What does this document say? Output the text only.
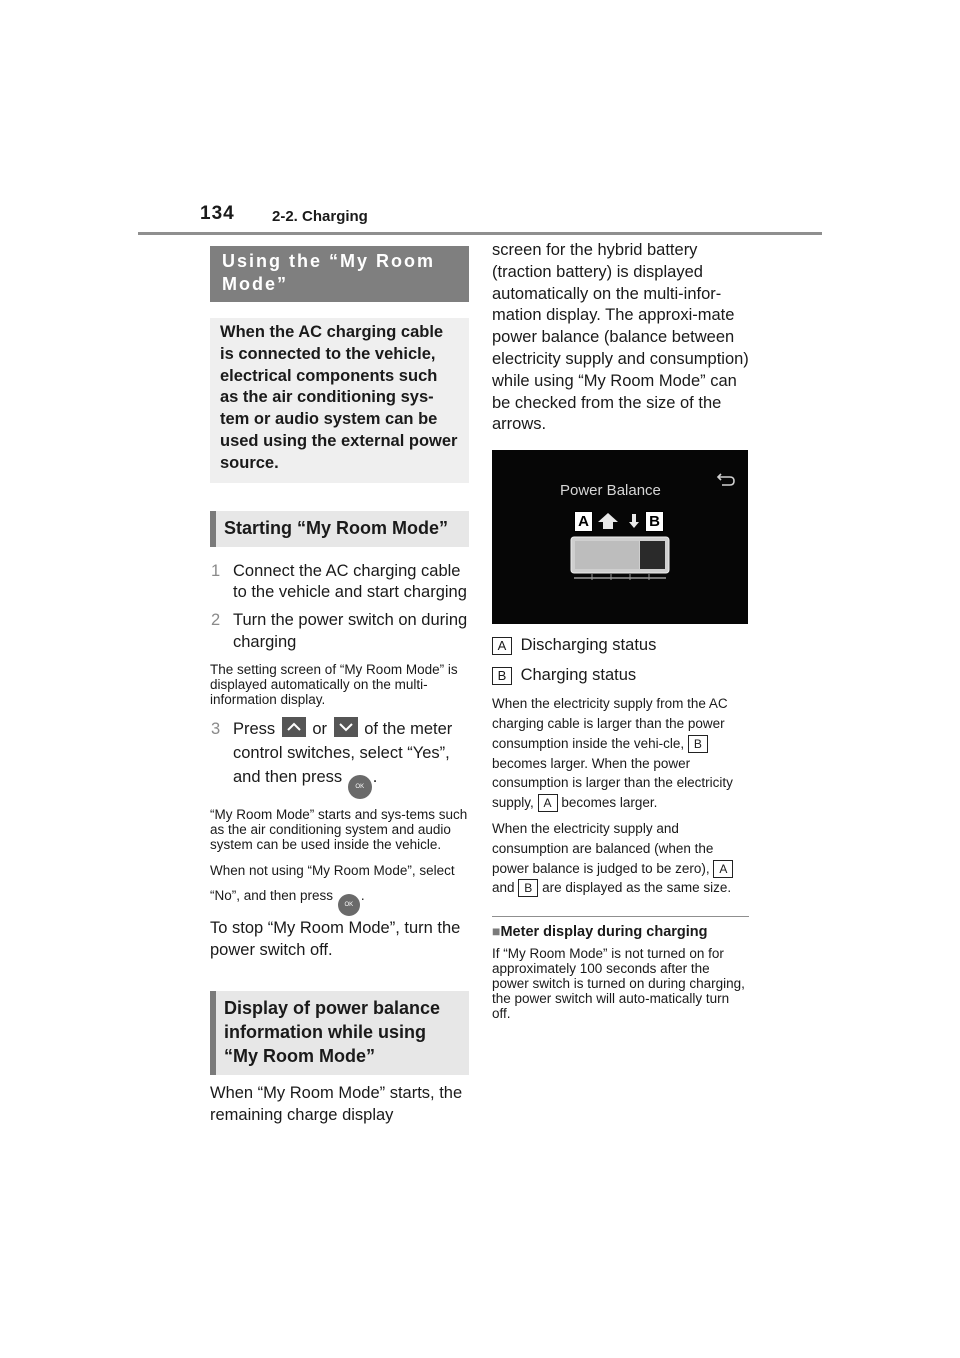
134 2-2. Charging
Using the “My Room Mode”
When the AC charging cable is connected to the vehicle, electrical components such as the air conditioning sys-tem or audio system can be used using the external power source.
Starting “My Room Mode”
1 Connect the AC charging cable to the vehicle and start charging
2 Turn the power switch on during charging
The setting screen of “My Room Mode” is displayed automatically on the multi-information display.
3 Press or of the meter control switches, select “Yes”, and then press OK.
“My Room Mode” starts and sys-tems such as the air conditioning system and audio system can be used inside the vehicle.
When not using “My Room Mode”, select “No”, and then press OK.
To stop “My Room Mode”, turn the power switch off.
Display of power balance information while using “My Room Mode”
When “My Room Mode” starts, the remaining charge display
screen for the hybrid battery (traction battery) is displayed automatically on the multi-infor-mation display. The approxi-mate power balance (balance between electricity supply and consumption) while using “My Room Mode” can be checked from the size of the arrows.
Power Balance
A	B
A Discharging status
B Charging status
When the electricity supply from the AC charging cable is larger than the power consumption inside the vehi-cle, B becomes larger. When the power consumption is larger than the electricity supply, A becomes larger.
When the electricity supply and consumption are balanced (when the power balance is judged to be zero), A and B are displayed as the same size.
■Meter display during charging
If “My Room Mode” is not turned on for approximately 100 seconds after the power switch is turned on during charging, the power switch will auto-matically turn off.
